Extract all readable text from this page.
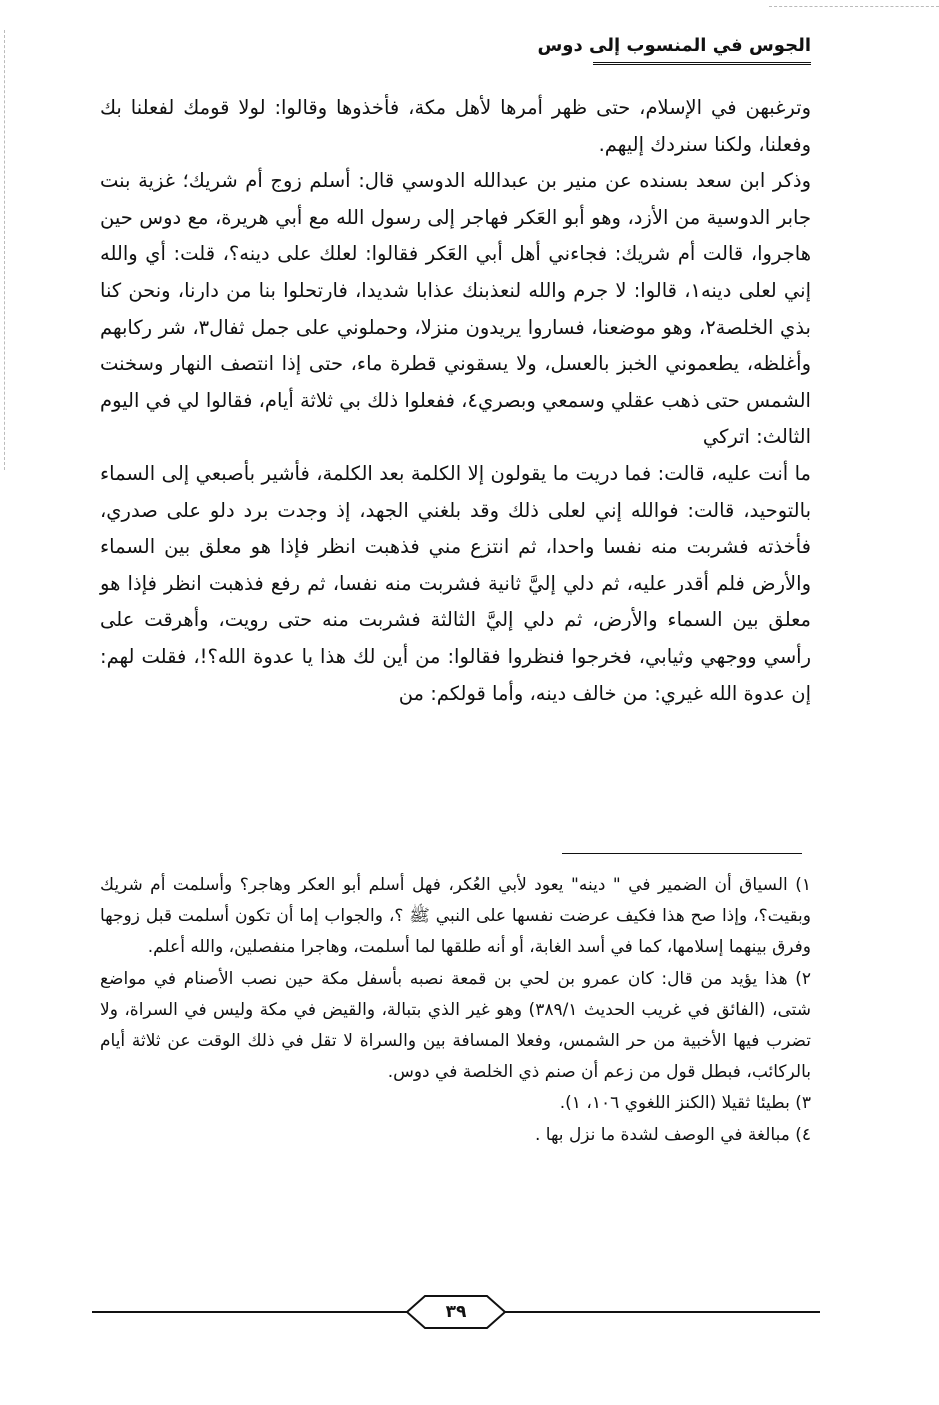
الجوس في المنسوب إلى دوس

وترغبهن في الإسلام، حتى ظهر أمرها لأهل مكة، فأخذوها وقالوا: لولا قومك لفعلنا بك وفعلنا، ولكنا سنردك إليهم.

وذكر ابن سعد بسنده عن منير بن عبدالله الدوسي قال: أسلم زوج أم شريك؛ غزية بنت جابر الدوسية من الأزد، وهو أبو العَكر فهاجر إلى رسول الله مع أبي هريرة، مع دوس حين هاجروا، قالت أم شريك: فجاءني أهل أبي العَكر فقالوا: لعلك على دينه؟، قلت: أي والله إني لعلى دينه١، قالوا: لا جرم والله لنعذبنك عذابا شديدا، فارتحلوا بنا من دارنا، ونحن كنا بذي الخلصة٢، وهو موضعنا، فساروا يريدون منزلا، وحملوني على جمل ثفال٣، شر ركابهم وأغلظه، يطعموني الخبز بالعسل، ولا يسقوني قطرة ماء، حتى إذا انتصف النهار وسخنت الشمس حتى ذهب عقلي وسمعي وبصري٤، ففعلوا ذلك بي ثلاثة أيام، فقالوا لي في اليوم الثالث: اتركي

ما أنت عليه، قالت: فما دريت ما يقولون إلا الكلمة بعد الكلمة، فأشير بأصبعي إلى السماء بالتوحيد، قالت: فوالله إني لعلى ذلك وقد بلغني الجهد، إذ وجدت برد دلو على صدري، فأخذته فشربت منه نفسا واحدا، ثم انتزع مني فذهبت انظر فإذا هو معلق بين السماء والأرض فلم أقدر عليه، ثم دلي إليَّ ثانية فشربت منه نفسا، ثم رفع فذهبت انظر فإذا هو معلق بين السماء والأرض، ثم دلي إليَّ الثالثة فشربت منه حتى رويت، وأهرقت على رأسي ووجهي وثيابي، فخرجوا فنظروا فقالوا: من أين لك هذا يا عدوة الله؟!، فقلت لهم: إن عدوة الله غيري: من خالف دينه، وأما قولكم: من

١) السياق أن الضمير في " دينه" يعود لأبي العُكر، فهل أسلم أبو العكر وهاجر؟ وأسلمت أم شريك وبقيت؟، وإذا صح هذا فكيف عرضت نفسها على النبي ﷺ ؟، والجواب إما أن تكون أسلمت قبل زوجها وفرق بينهما إسلامها، كما في أسد الغابة، أو أنه طلقها لما أسلمت، وهاجرا منفصلين، والله أعلم.

٢) هذا يؤيد من قال: كان عمرو بن لحي بن قمعة نصبه بأسفل مكة حين نصب الأصنام في مواضع شتى، (الفائق في غريب الحديث ٣٨٩/١) وهو غير الذي بتبالة، والقيض في مكة وليس في السراة، ولا تضرب فيها الأخبية من حر الشمس، وفعلا المسافة بين والسراة لا تقل في ذلك الوقت عن ثلاثة أيام بالركائب، فبطل قول من زعم أن صنم ذي الخلصة في دوس.

٣) بطيئا ثقيلا (الكنز اللغوي ١٠٦، ١).

٤) مبالغة في الوصف لشدة ما نزل بها .

٣٩
